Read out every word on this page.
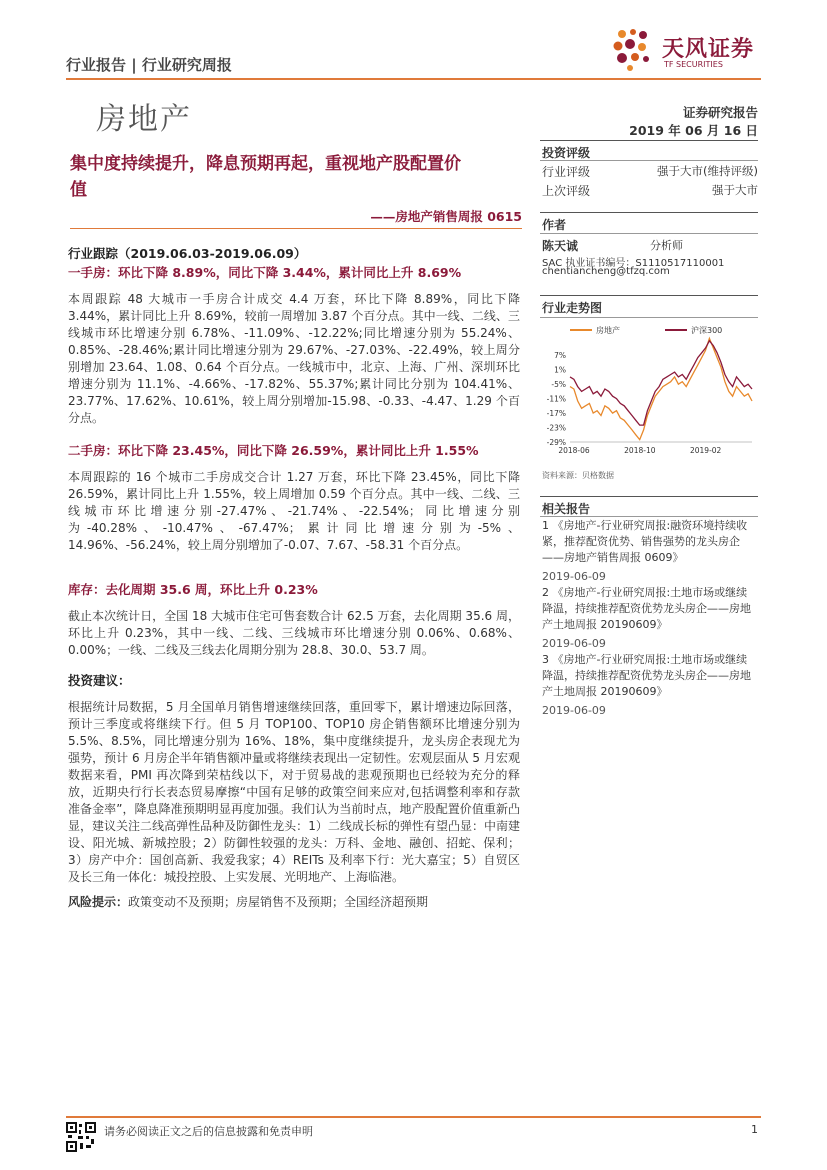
行业报告 | 行业研究周报
天风证券
TF SECURITIES
房地产	证券研究报告
2019 年 06 月 16 日
集中度持续提升，降息预期再起，重视地产股配置价
值
——房地产销售周报 0615
投资评级
行业评级	强于大市(维持评级)
上次评级	强于大市
作者
陈天诚	分析师
SAC 执业证书编号：S1110517110001
chentiancheng@tfzq.com
行业走势图
房地产	沪深300
7%
1%
-5%
-11%
-17%
-23%
-29%
2018-06	2018-10	2019-02
资料来源：贝格数据
相关报告
1 《房地产-行业研究周报:融资环境持续收紧，推荐配资优势、销售强势的龙头房企——房地产销售周报 0609》
2019-06-09
2 《房地产-行业研究周报:土地市场或继续降温，持续推荐配资优势龙头房企——房地产土地周报 20190609》
2019-06-09
3 《房地产-行业研究周报:土地市场或继续降温，持续推荐配资优势龙头房企——房地产土地周报 20190609》
2019-06-09
行业跟踪（2019.06.03-2019.06.09）
一手房：环比下降 8.89%，同比下降 3.44%，累计同比上升 8.69%
本周跟踪 48 大城市一手房合计成交 4.4 万套，环比下降 8.89%，同比下降 3.44%，累计同比上升 8.69%，较前一周增加 3.87 个百分点。其中一线、二线、三线城市环比增速分别 6.78%、-11.09%、-12.22%;同比增速分别为 55.24%、0.85%、-28.46%;累计同比增速分别为 29.67%、-27.03%、-22.49%，较上周分别增加 23.64、1.08、0.64 个百分点。一线城市中，北京、上海、广州、深圳环比增速分别为 11.1%、-4.66%、-17.82%、55.37%;累计同比分别为 104.41%、23.77%、17.62%、10.61%，较上周分别增加-15.98、-0.33、-4.47、1.29 个百分点。
二手房：环比下降 23.45%，同比下降 26.59%，累计同比上升 1.55%
本周跟踪的 16 个城市二手房成交合计 1.27 万套，环比下降 23.45%，同比下降 26.59%，累计同比上升 1.55%，较上周增加 0.59 个百分点。其中一线、二线、三线城市环比增速分别-27.47%、-21.74%、-22.54%；同比增速分别为-40.28%、-10.47%、-67.47%；累计同比增速分别为-5%、14.96%、-56.24%，较上周分别增加了-0.07、7.67、-58.31 个百分点。
库存：去化周期 35.6 周，环比上升 0.23%
截止本次统计日，全国 18 大城市住宅可售套数合计 62.5 万套，去化周期 35.6 周，环比上升 0.23%，其中一线、二线、三线城市环比增速分别 0.06%、0.68%、0.00%；一线、二线及三线去化周期分别为 28.8、30.0、53.7 周。
投资建议：
根据统计局数据，5 月全国单月销售增速继续回落，重回零下，累计增速边际回落，预计三季度或将继续下行。但 5 月 TOP100、TOP10 房企销售额环比增速分别为 5.5%、8.5%，同比增速分别为 16%、18%，集中度继续提升，龙头房企表现尤为强势，预计 6 月房企半年销售额冲量或将继续表现出一定韧性。宏观层面从 5 月宏观数据来看，PMI 再次降到荣枯线以下，对于贸易战的悲观预期也已经较为充分的释放，近期央行行长表态贸易摩擦“中国有足够的政策空间来应对,包括调整利率和存款准备金率”，降息降准预期明显再度加强。我们认为当前时点，地产股配置价值重新凸显，建议关注二线高弹性品种及防御性龙头：1）二线成长标的弹性有望凸显：中南建设、阳光城、新城控股；2）防御性较强的龙头：万科、金地、融创、招蛇、保利；3）房产中介：国创高新、我爱我家；4）REITs 及利率下行：光大嘉宝；5）自贸区及长三角一体化：城投控股、上实发展、光明地产、上海临港。
风险提示：政策变动不及预期；房屋销售不及预期；全国经济超预期
请务必阅读正文之后的信息披露和免责申明	1
